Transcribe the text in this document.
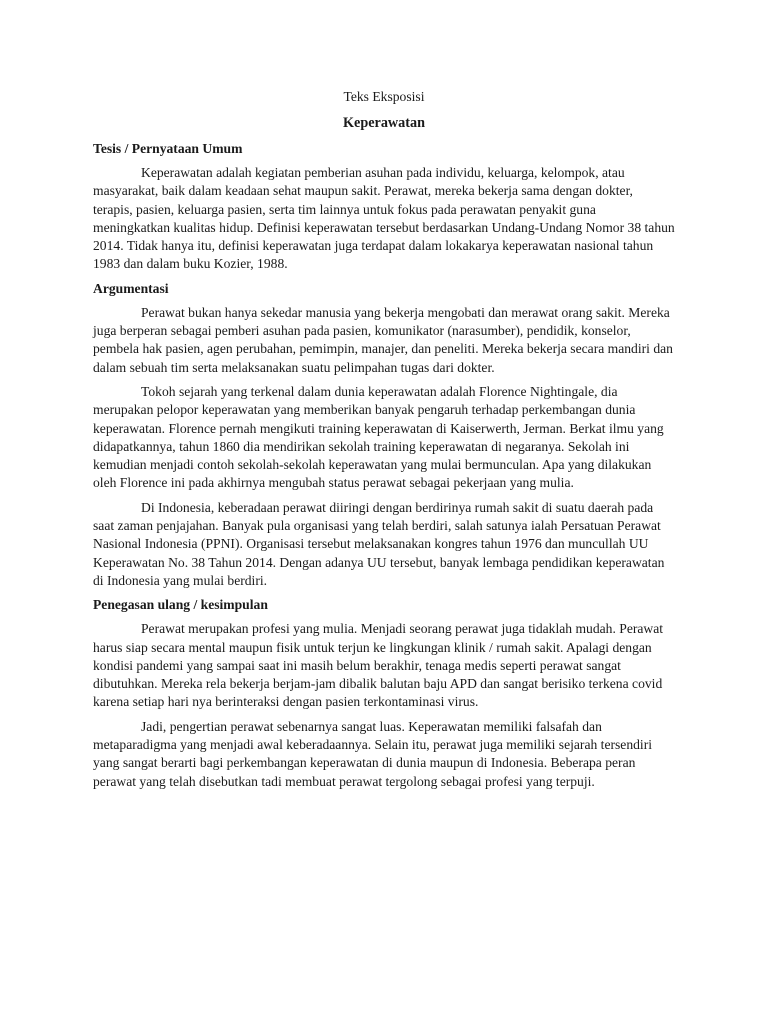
Teks Eksposisi

Keperawatan

Tesis / Pernyataan Umum

Keperawatan adalah kegiatan pemberian asuhan pada individu, keluarga, kelompok, atau masyarakat, baik dalam keadaan sehat maupun sakit. Perawat, mereka bekerja sama dengan dokter, terapis, pasien, keluarga pasien, serta tim lainnya untuk fokus pada perawatan penyakit guna meningkatkan kualitas hidup. Definisi keperawatan tersebut berdasarkan Undang-Undang Nomor 38 tahun 2014. Tidak hanya itu, definisi keperawatan juga terdapat dalam lokakarya keperawatan nasional tahun 1983 dan dalam buku Kozier, 1988.

Argumentasi

Perawat bukan hanya sekedar manusia yang bekerja mengobati dan merawat orang sakit. Mereka juga berperan sebagai pemberi asuhan pada pasien, komunikator (narasumber), pendidik, konselor, pembela hak pasien, agen perubahan, pemimpin, manajer, dan peneliti. Mereka bekerja secara mandiri dan dalam sebuah tim serta melaksanakan suatu pelimpahan tugas dari dokter.

Tokoh sejarah yang terkenal dalam dunia keperawatan adalah Florence Nightingale, dia merupakan pelopor keperawatan yang memberikan banyak pengaruh terhadap perkembangan dunia keperawatan. Florence pernah mengikuti training keperawatan di Kaiserwerth, Jerman. Berkat ilmu yang didapatkannya, tahun 1860 dia mendirikan sekolah training keperawatan di negaranya. Sekolah ini kemudian menjadi contoh sekolah-sekolah keperawatan yang mulai bermunculan. Apa yang dilakukan oleh Florence ini pada akhirnya mengubah status perawat sebagai pekerjaan yang mulia.

Di Indonesia, keberadaan perawat diiringi dengan berdirinya rumah sakit di suatu daerah pada saat zaman penjajahan. Banyak pula organisasi yang telah berdiri, salah satunya ialah Persatuan Perawat Nasional Indonesia (PPNI). Organisasi tersebut melaksanakan kongres tahun 1976 dan muncullah UU Keperawatan No. 38 Tahun 2014. Dengan adanya UU tersebut, banyak lembaga pendidikan keperawatan di Indonesia yang mulai berdiri.

Penegasan ulang / kesimpulan

Perawat merupakan profesi yang mulia. Menjadi seorang perawat juga tidaklah mudah. Perawat harus siap secara mental maupun fisik untuk terjun ke lingkungan klinik / rumah sakit. Apalagi dengan kondisi pandemi yang sampai saat ini masih belum berakhir, tenaga medis seperti perawat sangat dibutuhkan. Mereka rela bekerja berjam-jam dibalik balutan baju APD dan sangat berisiko terkena covid karena setiap hari nya berinteraksi dengan pasien terkontaminasi virus.

Jadi, pengertian perawat sebenarnya sangat luas. Keperawatan memiliki falsafah dan metaparadigma yang menjadi awal keberadaannya. Selain itu, perawat juga memiliki sejarah tersendiri yang sangat berarti bagi perkembangan keperawatan di dunia maupun di Indonesia. Beberapa peran perawat yang telah disebutkan tadi membuat perawat tergolong sebagai profesi yang terpuji.
